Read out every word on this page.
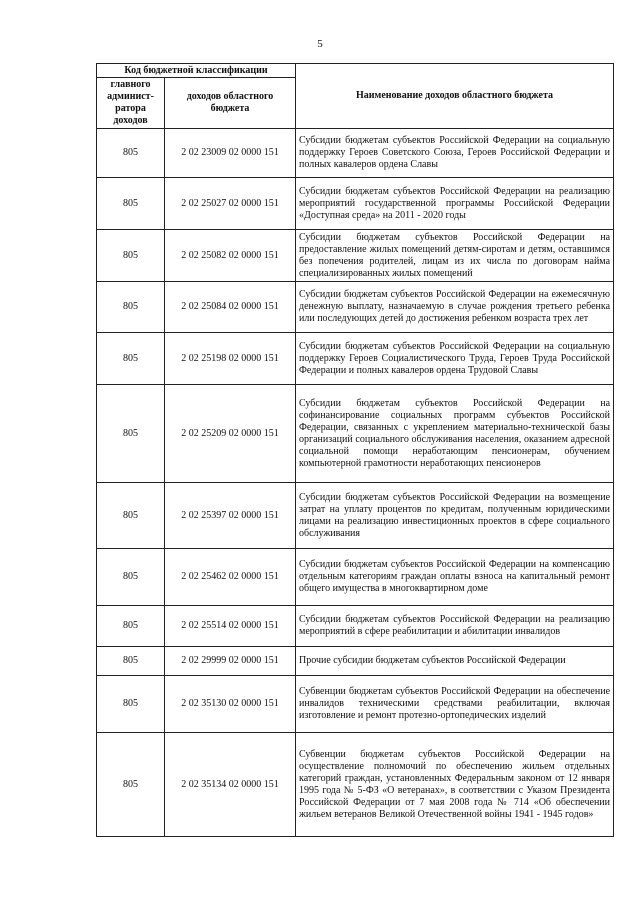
5
Код бюджетной классификации		Наименование доходов областного бюджета
главного админист-ратора доходов	доходов областного бюджета	
805	2 02 23009 02 0000 151	Субсидии бюджетам субъектов Российской Федерации на социальную поддержку Героев Советского Союза, Героев Российской Федерации и полных кавалеров ордена Славы
805	2 02 25027 02 0000 151	Субсидии бюджетам субъектов Российской Федерации на реализацию мероприятий государственной программы Российской Федерации «Доступная среда» на 2011 - 2020 годы
805	2 02 25082 02 0000 151	Субсидии бюджетам субъектов Российской Федерации на предоставление жилых помещений детям-сиротам и детям, оставшимся без попечения родителей, лицам из их числа по договорам найма специализированных жилых помещений
805	2 02 25084 02 0000 151	Субсидии бюджетам субъектов Российской Федерации на ежемесячную денежную выплату, назначаемую в случае рождения третьего ребенка или последующих детей до достижения ребенком возраста трех лет
805	2 02 25198 02 0000 151	Субсидии бюджетам субъектов Российской Федерации на социальную поддержку Героев Социалистического Труда, Героев Труда Российской Федерации и полных кавалеров ордена Трудовой Славы
805	2 02 25209 02 0000 151	Субсидии бюджетам субъектов Российской Федерации на софинансирование социальных программ субъектов Российской Федерации, связанных с укреплением материально-технической базы организаций социального обслуживания населения, оказанием адресной социальной помощи неработающим пенсионерам, обучением компьютерной грамотности неработающих пенсионеров
805	2 02 25397 02 0000 151	Субсидии бюджетам субъектов Российской Федерации на возмещение затрат на уплату процентов по кредитам, полученным юридическими лицами на реализацию инвестиционных проектов в сфере социального обслуживания
805	2 02 25462 02 0000 151	Субсидии бюджетам субъектов Российской Федерации на компенсацию отдельным категориям граждан оплаты взноса на капитальный ремонт общего имущества в многоквартирном доме
805	2 02 25514 02 0000 151	Субсидии бюджетам субъектов Российской Федерации на реализацию мероприятий в сфере реабилитации и абилитации инвалидов
805	2 02 29999 02 0000 151	Прочие субсидии бюджетам субъектов Российской Федерации
805	2 02 35130 02 0000 151	Субвенции бюджетам субъектов Российской Федерации на обеспечение инвалидов техническими средствами реабилитации, включая изготовление и ремонт протезно-ортопедических изделий
805	2 02 35134 02 0000 151	Субвенции бюджетам субъектов Российской Федерации на осуществление полномочий по обеспечению жильем отдельных категорий граждан, установленных Федеральным законом от 12 января 1995 года № 5-ФЗ «О ветеранах», в соответствии с Указом Президента Российской Федерации от 7 мая 2008 года № 714 «Об обеспечении жильем ветеранов Великой Отечественной войны 1941 - 1945 годов»
